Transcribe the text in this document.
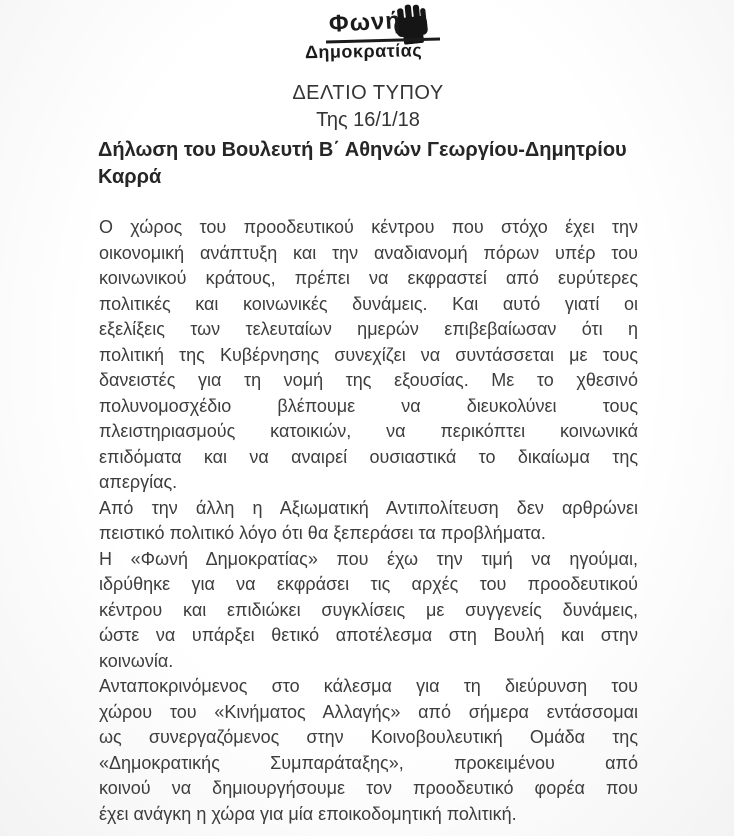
Φωνή
Δημοκρατίας
ΔΕΛΤΙΟ ΤΥΠΟΥ
Της 16/1/18
Δήλωση του Βουλευτή Β΄ Αθηνών Γεωργίου-Δημητρίου
Καρρά
Ο χώρος του προοδευτικού κέντρου που στόχο έχει την
οικονομική ανάπτυξη και την αναδιανομή πόρων υπέρ του
κοινωνικού κράτους, πρέπει να εκφραστεί από ευρύτερες
πολιτικές και κοινωνικές δυνάμεις. Και αυτό γιατί οι
εξελίξεις των τελευταίων ημερών επιβεβαίωσαν ότι η
πολιτική της Κυβέρνησης συνεχίζει να συντάσσεται με τους
δανειστές για τη νομή της εξουσίας. Με το χθεσινό
πολυνομοσχέδιο βλέπουμε να διευκολύνει τους
πλειστηριασμούς κατοικιών, να περικόπτει κοινωνικά
επιδόματα και να αναιρεί ουσιαστικά το δικαίωμα της
απεργίας.
Από την άλλη η Αξιωματική Αντιπολίτευση δεν αρθρώνει
πειστικό πολιτικό λόγο ότι θα ξεπεράσει τα προβλήματα.
Η «Φωνή Δημοκρατίας» που έχω την τιμή να ηγούμαι,
ιδρύθηκε για να εκφράσει τις αρχές του προοδευτικού
κέντρου και επιδιώκει συγκλίσεις με συγγενείς δυνάμεις,
ώστε να υπάρξει θετικό αποτέλεσμα στη Βουλή και στην
κοινωνία.
Ανταποκρινόμενος στο κάλεσμα για τη διεύρυνση του
χώρου του «Κινήματος Αλλαγής» από σήμερα εντάσσομαι
ως συνεργαζόμενος στην Κοινοβουλευτική Ομάδα της
«Δημοκρατικής Συμπαράταξης», προκειμένου από
κοινού να δημιουργήσουμε τον προοδευτικό φορέα που
έχει ανάγκη η χώρα για μία εποικοδομητική πολιτική.
